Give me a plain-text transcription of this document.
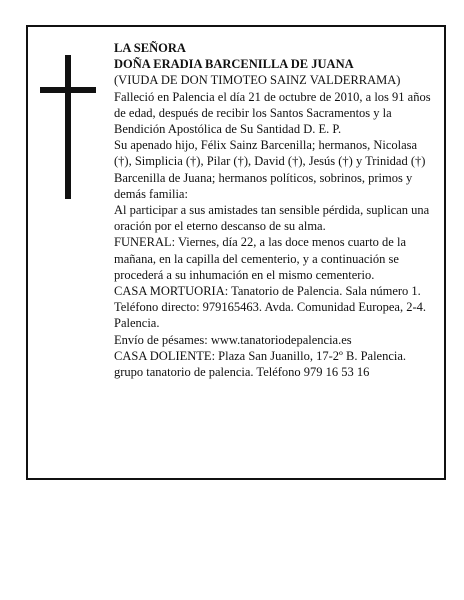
LA SEÑORA

DOÑA ERADIA BARCENILLA DE JUANA

(VIUDA DE DON TIMOTEO SAINZ VALDERRAMA)

Falleció en Palencia el día 21 de octubre de 2010, a los 91 años de edad, después de recibir los Santos Sacramentos y la Bendición Apostólica de Su Santidad D. E. P.

Su apenado hijo, Félix Sainz Barcenilla; hermanos, Nicolasa (†), Simplicia (†), Pilar (†), David (†), Jesús (†) y Trinidad (†) Barcenilla de Juana; hermanos políticos, sobrinos, primos y demás familia:

Al participar a sus amistades tan sensible pérdida, suplican una oración por el eterno descanso de su alma.

FUNERAL: Viernes, día 22, a las doce menos cuarto de la mañana, en la capilla del cementerio, y a continuación se procederá a su inhumación en el mismo cementerio.

CASA MORTUORIA: Tanatorio de Palencia. Sala número 1. Teléfono directo: 979165463. Avda. Comunidad Europea, 2-4. Palencia.

Envío de pésames: www.tanatoriodepalencia.es

CASA DOLIENTE: Plaza San Juanillo, 17-2º B. Palencia.

grupo tanatorio de palencia. Teléfono 979 16 53 16
